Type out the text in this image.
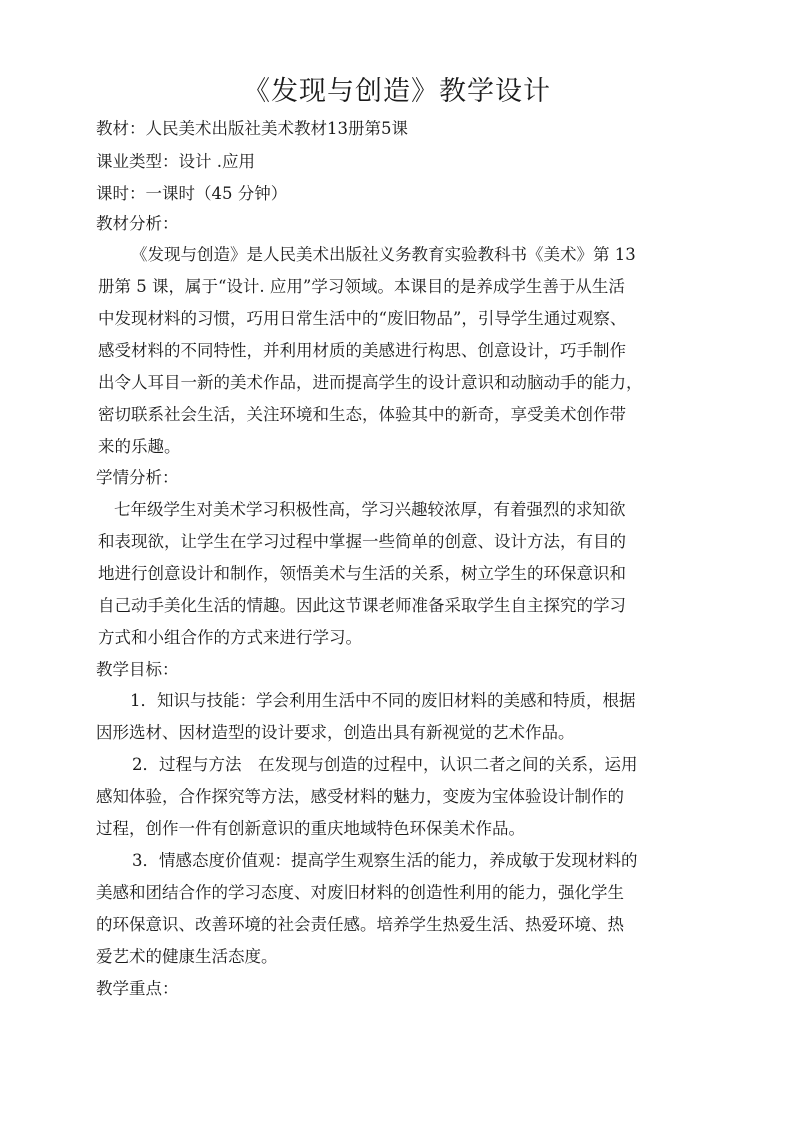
《发现与创造》教学设计

教材：人民美术出版社美术教材13册第5课

课业类型：设计 .应用

课时：一课时（45 分钟）

教材分析：

《发现与创造》是人民美术出版社义务教育实验教科书《美术》第 13

册第 5 课，属于“设计. 应用”学习领域。本课目的是养成学生善于从生活

中发现材料的习惯，巧用日常生活中的“废旧物品”，引导学生通过观察、

感受材料的不同特性，并利用材质的美感进行构思、创意设计，巧手制作

出令人耳目一新的美术作品，进而提高学生的设计意识和动脑动手的能力，

密切联系社会生活，关注环境和生态，体验其中的新奇，享受美术创作带

来的乐趣。

学情分析：

七年级学生对美术学习积极性高，学习兴趣较浓厚，有着强烈的求知欲

和表现欲，让学生在学习过程中掌握一些简单的创意、设计方法，有目的

地进行创意设计和制作，领悟美术与生活的关系，树立学生的环保意识和

自己动手美化生活的情趣。因此这节课老师准备采取学生自主探究的学习

方式和小组合作的方式来进行学习。

教学目标：

1．知识与技能：学会利用生活中不同的废旧材料的美感和特质，根据

因形选材、因材造型的设计要求，创造出具有新视觉的艺术作品。

2．过程与方法　在发现与创造的过程中，认识二者之间的关系，运用

感知体验，合作探究等方法，感受材料的魅力，变废为宝体验设计制作的

过程，创作一件有创新意识的重庆地域特色环保美术作品。

3．情感态度价值观：提高学生观察生活的能力，养成敏于发现材料的

美感和团结合作的学习态度、对废旧材料的创造性利用的能力，强化学生

的环保意识、改善环境的社会责任感。培养学生热爱生活、热爱环境、热

爱艺术的健康生活态度。

教学重点：
